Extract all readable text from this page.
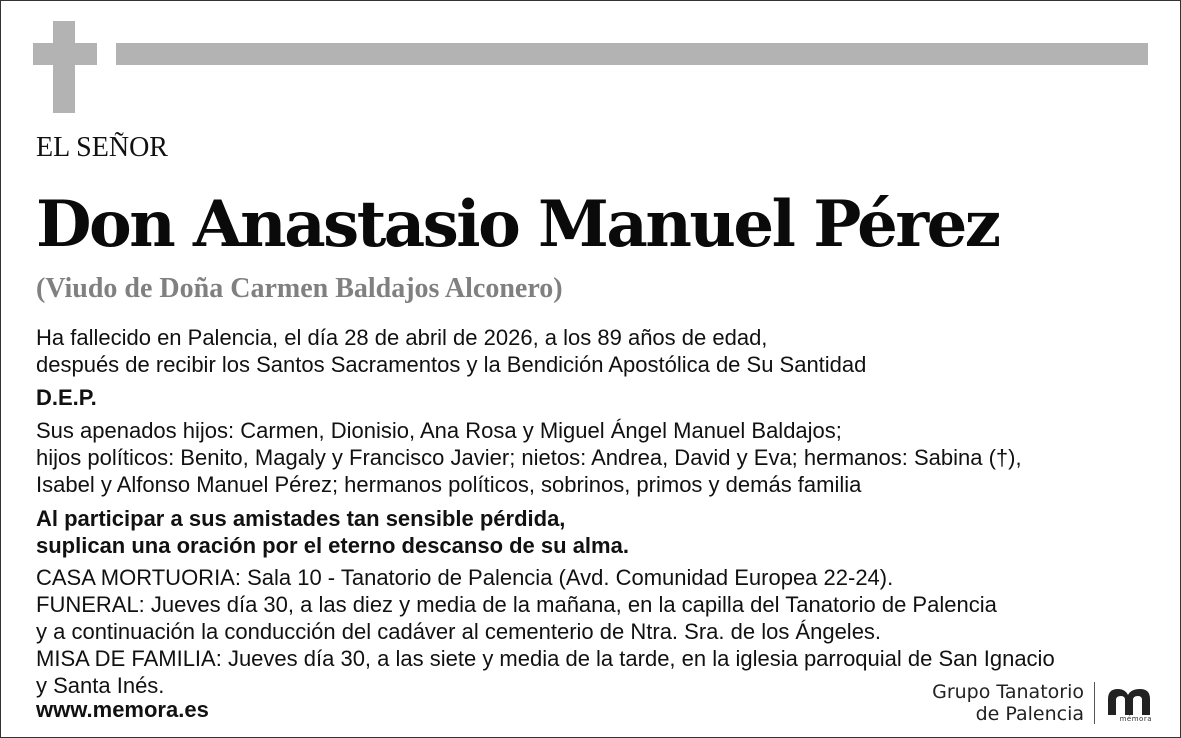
EL SEÑOR
Don Anastasio Manuel Pérez
(Viudo de Doña Carmen Baldajos Alconero)
Ha fallecido en Palencia, el día 28 de abril de 2026, a los 89 años de edad,
después de recibir los Santos Sacramentos y la Bendición Apostólica de Su Santidad
D.E.P.
Sus apenados hijos: Carmen, Dionisio, Ana Rosa y Miguel Ángel Manuel Baldajos;
hijos políticos: Benito, Magaly y Francisco Javier; nietos: Andrea, David y Eva; hermanos: Sabina (†),
Isabel y Alfonso Manuel Pérez; hermanos políticos, sobrinos, primos y demás familia
Al participar a sus amistades tan sensible pérdida,
suplican una oración por el eterno descanso de su alma.
CASA MORTUORIA: Sala 10 - Tanatorio de Palencia (Avd. Comunidad Europea 22-24).
FUNERAL: Jueves día 30, a las diez y media de la mañana, en la capilla del Tanatorio de Palencia
y a continuación la conducción del cadáver al cementerio de Ntra. Sra. de los Ángeles.
MISA DE FAMILIA: Jueves día 30, a las siete y media de la tarde, en la iglesia parroquial de San Ignacio
y Santa Inés.
www.memora.es
Grupo Tanatorio
de Palencia	mémora
